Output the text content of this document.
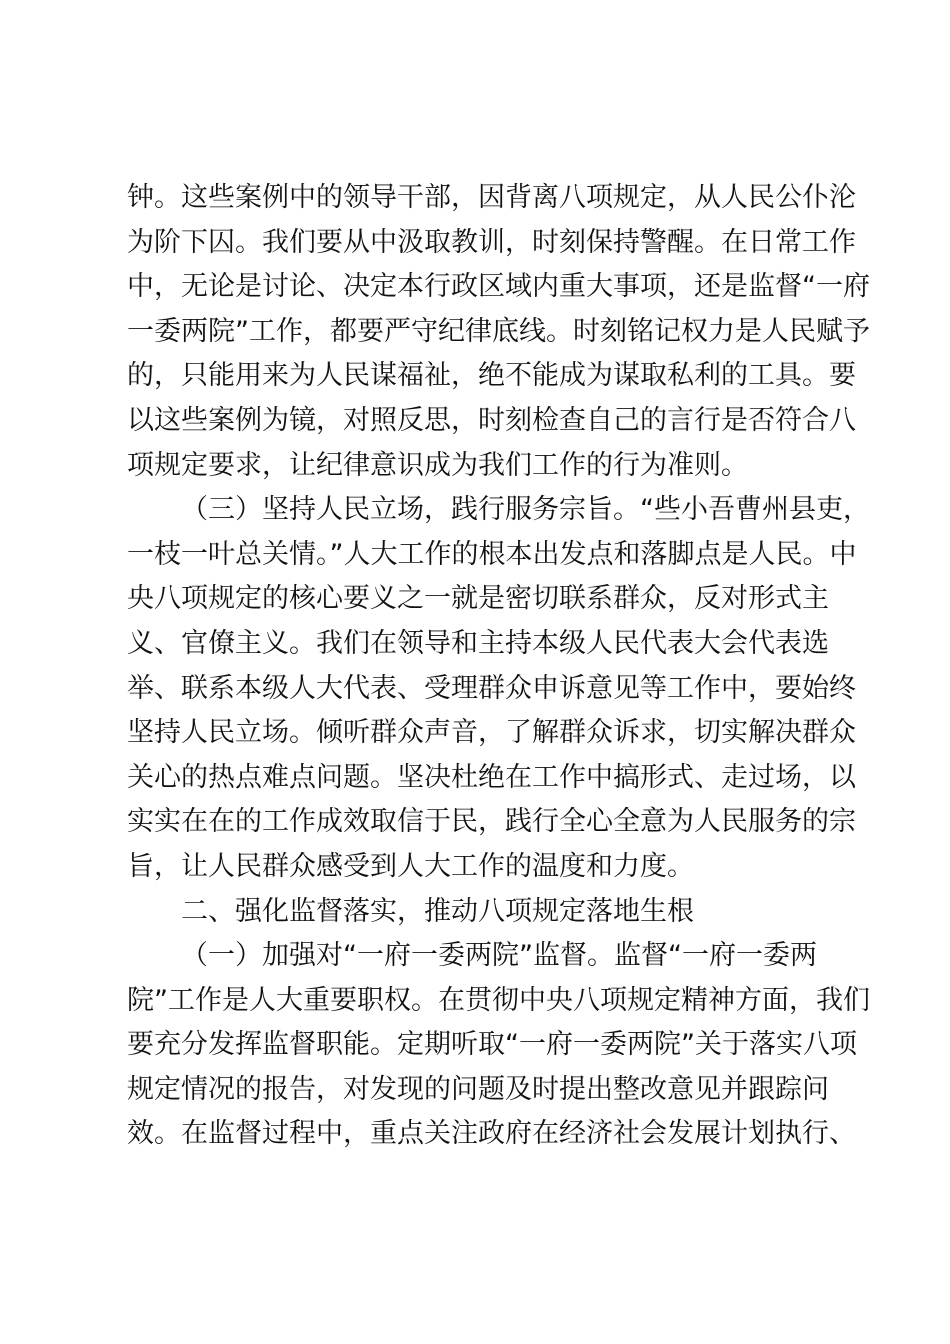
钟。这些案例中的领导干部，因背离八项规定，从人民公仆沦
为阶下囚。我们要从中汲取教训，时刻保持警醒。在日常工作
中，无论是讨论、决定本行政区域内重大事项，还是监督“一府
一委两院”工作，都要严守纪律底线。时刻铭记权力是人民赋予
的，只能用来为人民谋福祉，绝不能成为谋取私利的工具。要
以这些案例为镜，对照反思，时刻检查自己的言行是否符合八
项规定要求，让纪律意识成为我们工作的行为准则。
（三）坚持人民立场，践行服务宗旨。“些小吾曹州县吏，
一枝一叶总关情。”人大工作的根本出发点和落脚点是人民。中
央八项规定的核心要义之一就是密切联系群众，反对形式主
义、官僚主义。我们在领导和主持本级人民代表大会代表选
举、联系本级人大代表、受理群众申诉意见等工作中，要始终
坚持人民立场。倾听群众声音，了解群众诉求，切实解决群众
关心的热点难点问题。坚决杜绝在工作中搞形式、走过场，以
实实在在的工作成效取信于民，践行全心全意为人民服务的宗
旨，让人民群众感受到人大工作的温度和力度。
二、强化监督落实，推动八项规定落地生根
（一）加强对“一府一委两院”监督。监督“一府一委两
院”工作是人大重要职权。在贯彻中央八项规定精神方面，我们
要充分发挥监督职能。定期听取“一府一委两院”关于落实八项
规定情况的报告，对发现的问题及时提出整改意见并跟踪问
效。在监督过程中，重点关注政府在经济社会发展计划执行、
